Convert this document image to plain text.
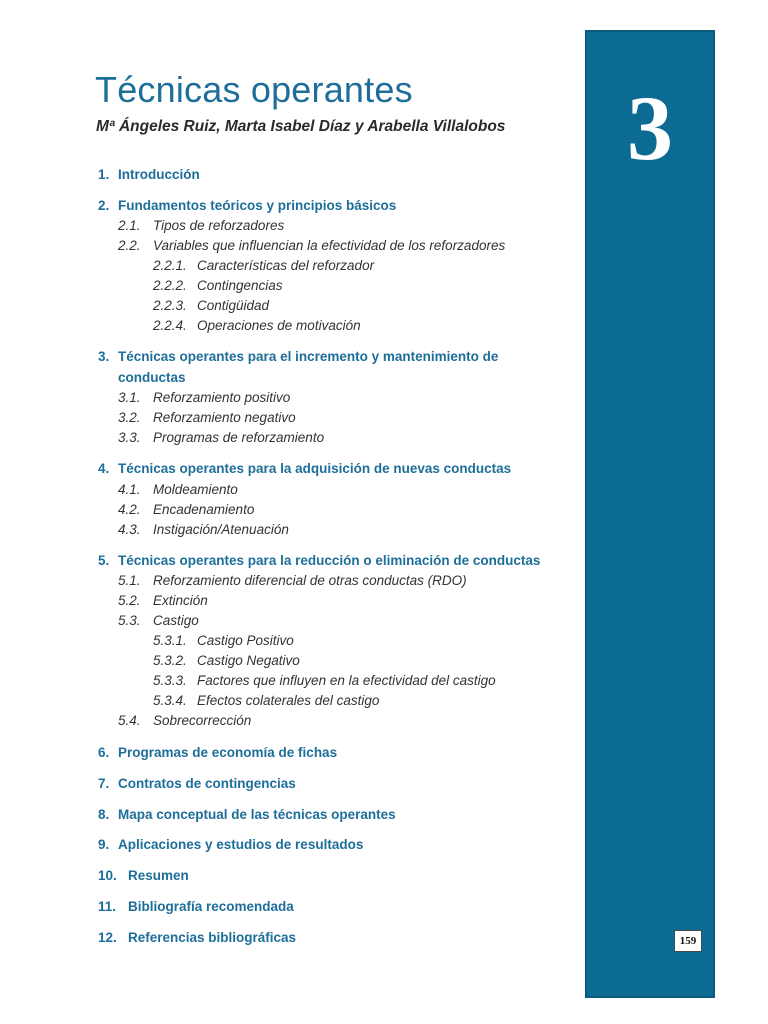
Técnicas operantes
Mª Ángeles Ruiz, Marta Isabel Díaz y Arabella Villalobos	3
159
1. Introducción
2. Fundamentos teóricos y principios básicos
2.1. Tipos de reforzadores
2.2. Variables que influencian la efectividad de los reforzadores
2.2.1. Características del reforzador
2.2.2. Contingencias
2.2.3. Contigüidad
2.2.4. Operaciones de motivación
3. Técnicas operantes para el incremento y mantenimiento de
conductas
3.1. Reforzamiento positivo
3.2. Reforzamiento negativo
3.3. Programas de reforzamiento
4. Técnicas operantes para la adquisición de nuevas conductas
4.1. Moldeamiento
4.2. Encadenamiento
4.3. Instigación/Atenuación
5. Técnicas operantes para la reducción o eliminación de conductas
5.1. Reforzamiento diferencial de otras conductas (RDO)
5.2. Extinción
5.3. Castigo
5.3.1. Castigo Positivo
5.3.2. Castigo Negativo
5.3.3. Factores que influyen en la efectividad del castigo
5.3.4. Efectos colaterales del castigo
5.4. Sobrecorrección
6. Programas de economía de fichas
7. Contratos de contingencias
8. Mapa conceptual de las técnicas operantes
9. Aplicaciones y estudios de resultados
10. Resumen
11. Bibliografía recomendada
12. Referencias bibliográficas
